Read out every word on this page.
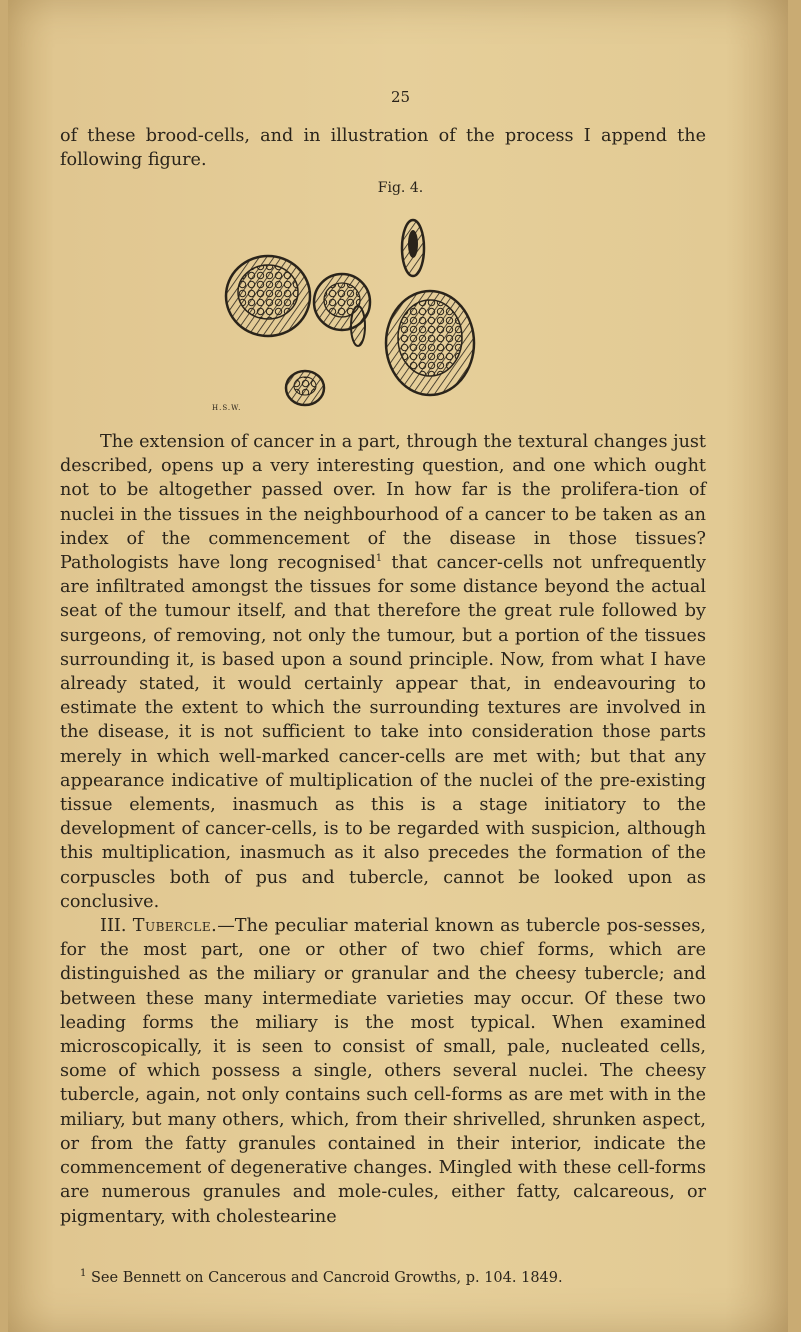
25

of these brood-cells, and in illustration of the process I append the following figure.

Fig. 4.
H.S.W.

The extension of cancer in a part, through the textural changes just described, opens up a very interesting question, and one which ought not to be altogether passed over. In how far is the prolifera-tion of nuclei in the tissues in the neighbourhood of a cancer to be taken as an index of the commencement of the disease in those tissues? Pathologists have long recognised$^1$ that cancer-cells not unfrequently are infiltrated amongst the tissues for some distance beyond the actual seat of the tumour itself, and that therefore the great rule followed by surgeons, of removing, not only the tumour, but a portion of the tissues surrounding it, is based upon a sound principle. Now, from what I have already stated, it would certainly appear that, in endeavouring to estimate the extent to which the surrounding textures are involved in the disease, it is not sufficient to take into consideration those parts merely in which well-marked cancer-cells are met with; but that any appearance indicative of multiplication of the nuclei of the pre-existing tissue elements, inasmuch as this is a stage initiatory to the development of cancer-cells, is to be regarded with suspicion, although this multiplication, inasmuch as it also precedes the formation of the corpuscles both of pus and tubercle, cannot be looked upon as conclusive.

III. Tubercle.—The peculiar material known as tubercle pos-sesses, for the most part, one or other of two chief forms, which are distinguished as the miliary or granular and the cheesy tubercle; and between these many intermediate varieties may occur. Of these two leading forms the miliary is the most typical. When examined microscopically, it is seen to consist of small, pale, nucleated cells, some of which possess a single, others several nuclei. The cheesy tubercle, again, not only contains such cell-forms as are met with in the miliary, but many others, which, from their shrivelled, shrunken aspect, or from the fatty granules contained in their interior, indicate the commencement of degenerative changes. Mingled with these cell-forms are numerous granules and mole-cules, either fatty, calcareous, or pigmentary, with cholestearine

$^1$ See Bennett on Cancerous and Cancroid Growths, p. 104. 1849.
